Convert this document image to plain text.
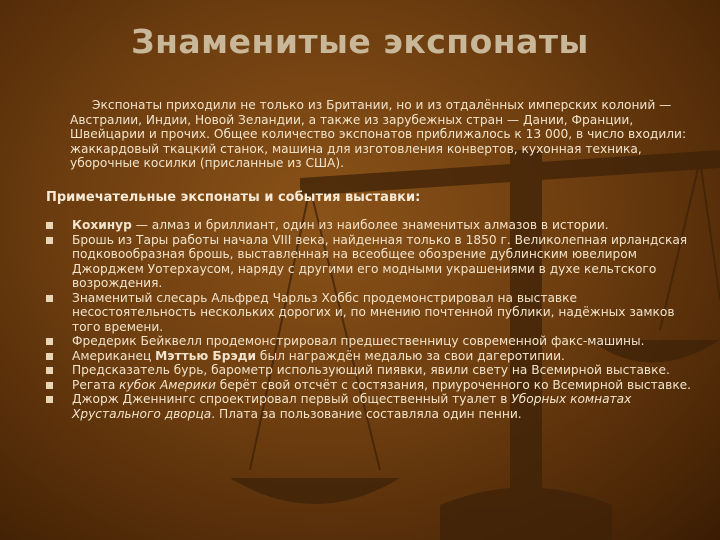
Знаменитые экспонаты
Экспонаты приходили не только из Британии, но и из отдалённых имперских колоний — Австралии, Индии, Новой Зеландии, а также из зарубежных стран — Дании, Франции, Швейцарии и прочих. Общее количество экспонатов приближалось к 13 000, в число входили: жаккардовый ткацкий станок, машина для изготовления конвертов, кухонная техника, уборочные косилки (присланные из США).
Примечательные экспонаты и события выставки:
Кохинур — алмаз и бриллиант, один из наиболее знаменитых алмазов в истории.
Брошь из Тары работы начала VIII века, найденная только в 1850 г. Великолепная ирландская подковообразная брошь, выставленная на всеобщее обозрение дублинским ювелиром Джорджем Уотерхаусом, наряду с другими его модными украшениями в духе кельтского возрождения.
Знаменитый слесарь Альфред Чарльз Хоббс продемонстрировал на выставке несостоятельность нескольких дорогих и, по мнению почтенной публики, надёжных замков того времени.
Фредерик Бейквелл продемонстрировал предшественницу современной факс-машины.
Американец Мэттью Брэди был награждён медалью за свои дагеротипии.
Предсказатель бурь, барометр использующий пиявки, явили свету на Всемирной выставке.
Регата кубок Америки берёт свой отсчёт с состязания, приуроченного ко Всемирной выставке.
Джорж Дженнингс спроектировал первый общественный туалет в Уборных комнатах Хрустального дворца. Плата за пользование составляла один пенни.
